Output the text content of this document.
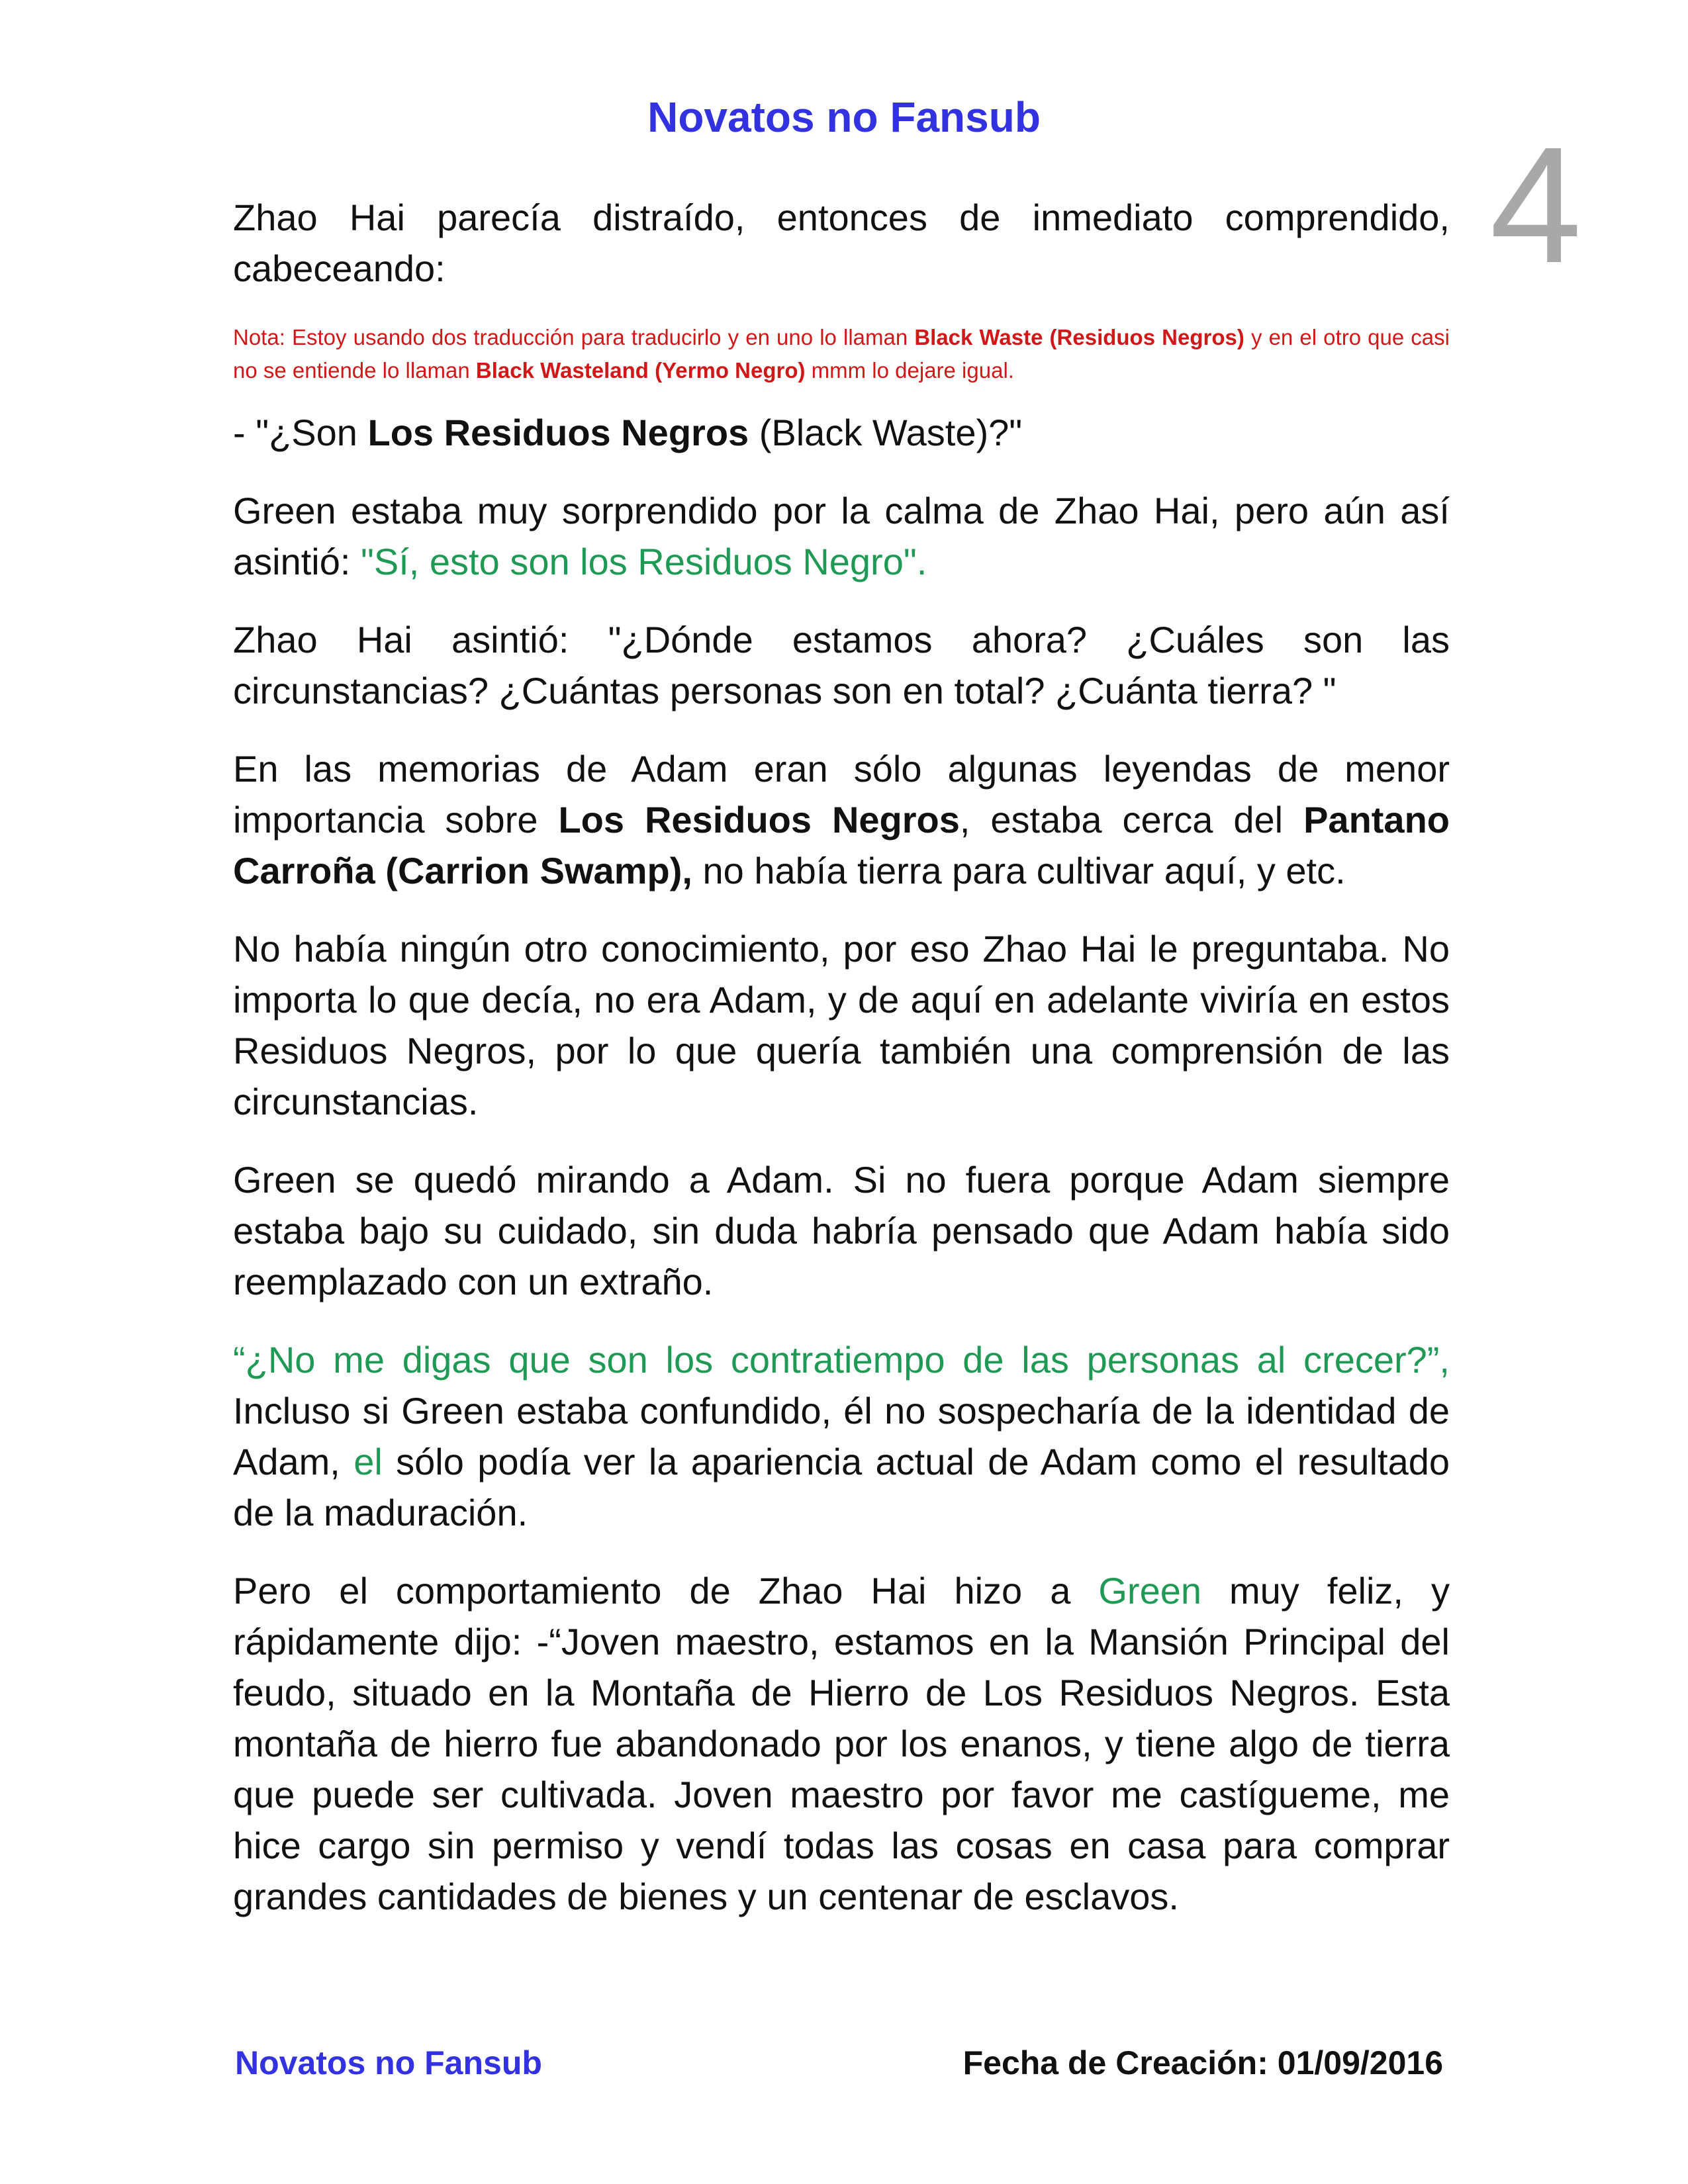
Novatos no Fansub	4

Zhao Hai parecía distraído, entonces de inmediato comprendido, cabeceando:

Nota: Estoy usando dos traducción para traducirlo y en uno lo llaman Black Waste (Residuos Negros) y en el otro que casi no se entiende lo llaman Black Wasteland (Yermo Negro) mmm lo dejare igual.

- "¿Son Los Residuos Negros (Black Waste)?"

Green estaba muy sorprendido por la calma de Zhao Hai, pero aún así asintió: "Sí, esto son los Residuos Negro".

Zhao Hai asintió: "¿Dónde estamos ahora? ¿Cuáles son las circunstancias? ¿Cuántas personas son en total? ¿Cuánta tierra? "

En las memorias de Adam eran sólo algunas leyendas de menor importancia sobre Los Residuos Negros, estaba cerca del Pantano Carroña (Carrion Swamp), no había tierra para cultivar aquí, y etc.

No había ningún otro conocimiento, por eso Zhao Hai le preguntaba. No importa lo que decía, no era Adam, y de aquí en adelante viviría en estos Residuos Negros, por lo que quería también una comprensión de las circunstancias.

Green se quedó mirando a Adam. Si no fuera porque Adam siempre estaba bajo su cuidado, sin duda habría pensado que Adam había sido reemplazado con un extraño.

“¿No me digas que son los contratiempo de las personas al crecer?”, Incluso si Green estaba confundido, él no sospecharía de la identidad de Adam, el sólo podía ver la apariencia actual de Adam como el resultado de la maduración.

Pero el comportamiento de Zhao Hai hizo a Green muy feliz, y rápidamente dijo: -“Joven maestro, estamos en la Mansión Principal del feudo, situado en la Montaña de Hierro de Los Residuos Negros. Esta montaña de hierro fue abandonado por los enanos, y tiene algo de tierra que puede ser cultivada. Joven maestro por favor me castígueme, me hice cargo sin permiso y vendí todas las cosas en casa para comprar grandes cantidades de bienes y un centenar de esclavos.

Novatos no Fansub	Fecha de Creación: 01/09/2016
